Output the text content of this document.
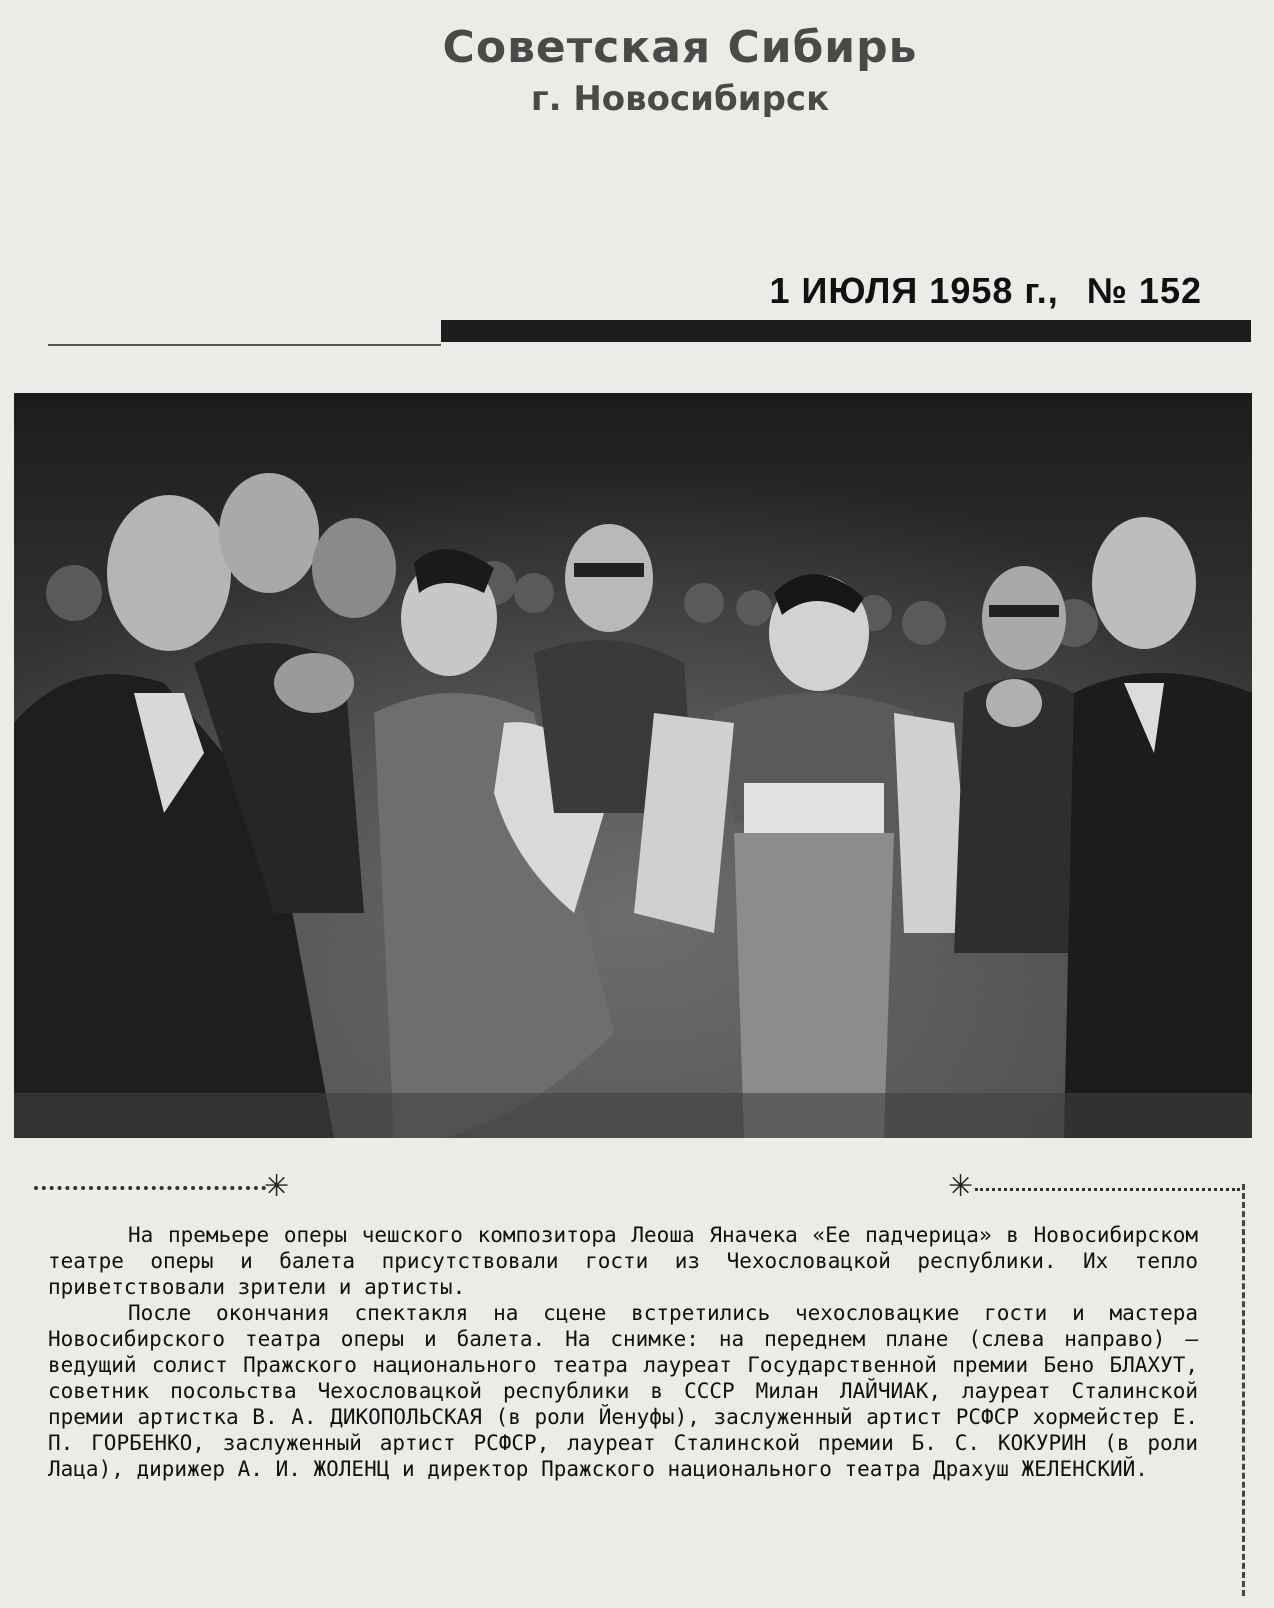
Советская Сибирь
г. Новосибирск
1 ИЮЛЯ 1958 г., № 152
✳	✳

На премьере оперы чешского композитора Леоша Яначека «Ее падчерица» в Новосибирском театре оперы и балета присутствовали гости из Чехословацкой республики. Их тепло приветствовали зрители и артисты.

После окончания спектакля на сцене встретились чехословацкие гости и мастера Новосибирского театра оперы и балета. На снимке: на переднем плане (слева направо) — ведущий солист Пражского национального театра лауреат Государственной премии Бено БЛАХУТ, советник посольства Чехословацкой республики в СССР Милан ЛАЙЧИАК, лауреат Сталинской премии артистка В. А. ДИКОПОЛЬСКАЯ (в роли Йенуфы), заслуженный артист РСФСР хормейстер Е. П. ГОРБЕНКО, заслуженный артист РСФСР, лауреат Сталинской премии Б. С. КОКУРИН (в роли Лаца), дирижер А. И. ЖОЛЕНЦ и директор Пражского национального театра Драхуш ЖЕЛЕНСКИЙ.
